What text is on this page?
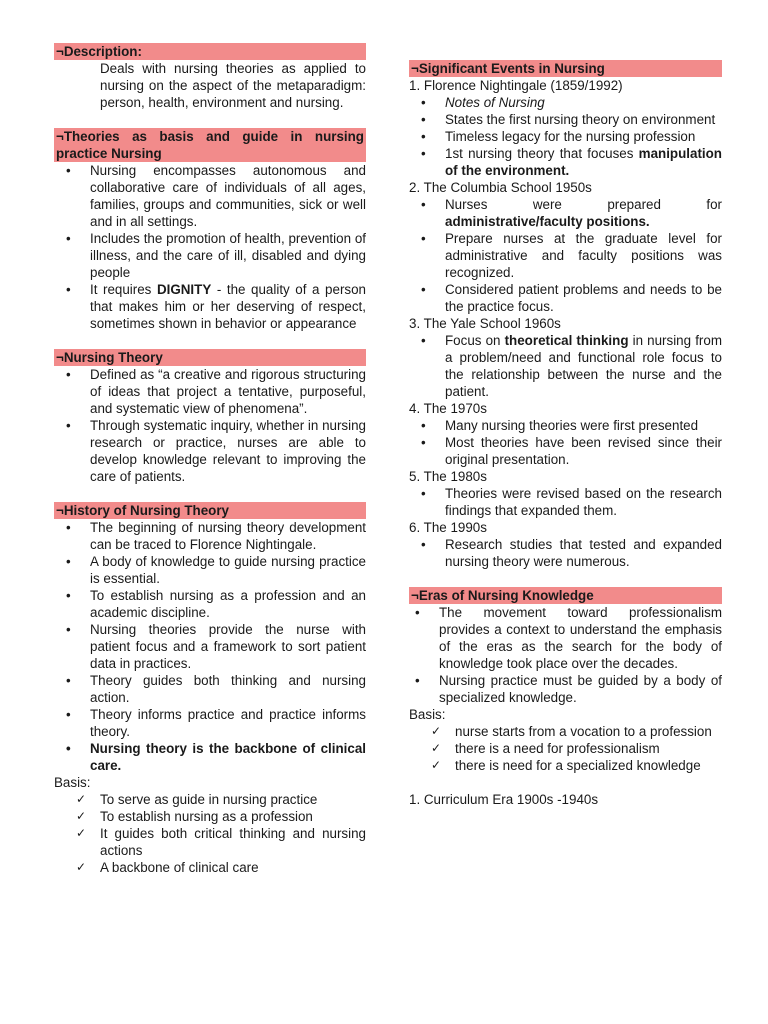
¬Description:
Deals with nursing theories as applied to nursing on the aspect of the metaparadigm: person, health, environment and nursing.
¬Theories as basis and guide in nursing practice Nursing
• Nursing encompasses autonomous and collaborative care of individuals of all ages, families, groups and communities, sick or well and in all settings.
• Includes the promotion of health, prevention of illness, and the care of ill, disabled and dying people
• It requires DIGNITY - the quality of a person that makes him or her deserving of respect, sometimes shown in behavior or appearance
¬Nursing Theory
• Defined as “a creative and rigorous structuring of ideas that project a tentative, purposeful, and systematic view of phenomena”.
• Through systematic inquiry, whether in nursing research or practice, nurses are able to develop knowledge relevant to improving the care of patients.
¬History of Nursing Theory
• The beginning of nursing theory development can be traced to Florence Nightingale.
• A body of knowledge to guide nursing practice is essential.
• To establish nursing as a profession and an academic discipline.
• Nursing theories provide the nurse with patient focus and a framework to sort patient data in practices.
• Theory guides both thinking and nursing action.
• Theory informs practice and practice informs theory.
• Nursing theory is the backbone of clinical care.
Basis:
✓ To serve as guide in nursing practice
✓ To establish nursing as a profession
✓ It guides both critical thinking and nursing actions
✓ A backbone of clinical care
¬Significant Events in Nursing
1. Florence Nightingale (1859/1992)
• Notes of Nursing
• States the first nursing theory on environment
• Timeless legacy for the nursing profession
• 1st nursing theory that focuses manipulation of the environment.
2. The Columbia School 1950s
• Nurses were prepared for administrative/faculty positions.
• Prepare nurses at the graduate level for administrative and faculty positions was recognized.
• Considered patient problems and needs to be the practice focus.
3. The Yale School 1960s
• Focus on theoretical thinking in nursing from a problem/need and functional role focus to the relationship between the nurse and the patient.
4. The 1970s
• Many nursing theories were first presented
• Most theories have been revised since their original presentation.
5. The 1980s
• Theories were revised based on the research findings that expanded them.
6. The 1990s
• Research studies that tested and expanded nursing theory were numerous.
¬Eras of Nursing Knowledge
• The movement toward professionalism provides a context to understand the emphasis of the eras as the search for the body of knowledge took place over the decades.
• Nursing practice must be guided by a body of specialized knowledge.
Basis:
✓ nurse starts from a vocation to a profession
✓ there is a need for professionalism
✓ there is need for a specialized knowledge
1. Curriculum Era 1900s -1940s
